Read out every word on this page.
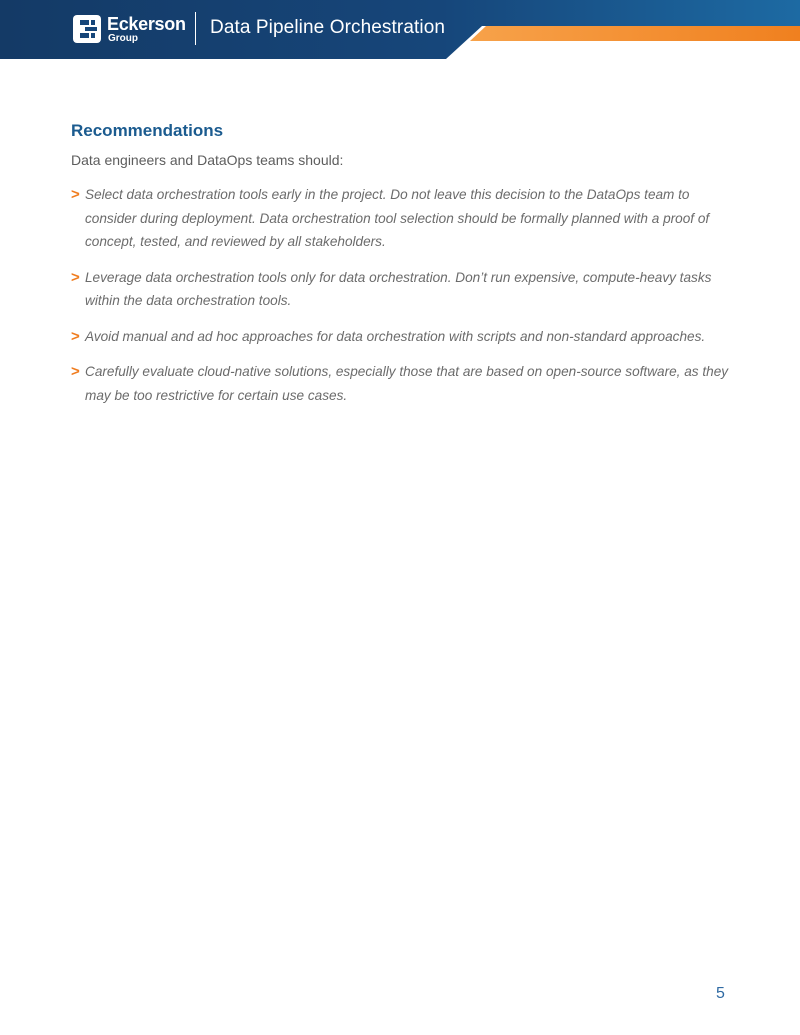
Eckerson
Group	Data Pipeline Orchestration
Recommendations

Data engineers and DataOps teams should:

> Select data orchestration tools early in the project. Do not leave this decision to the DataOps team to consider during deployment. Data orchestration tool selection should be formally planned with a proof of concept, tested, and reviewed by all stakeholders.
> Leverage data orchestration tools only for data orchestration. Don’t run expensive, compute-heavy tasks within the data orchestration tools.
> Avoid manual and ad hoc approaches for data orchestration with scripts and non-standard approaches.
> Carefully evaluate cloud-native solutions, especially those that are based on open-source software, as they may be too restrictive for certain use cases.
5
